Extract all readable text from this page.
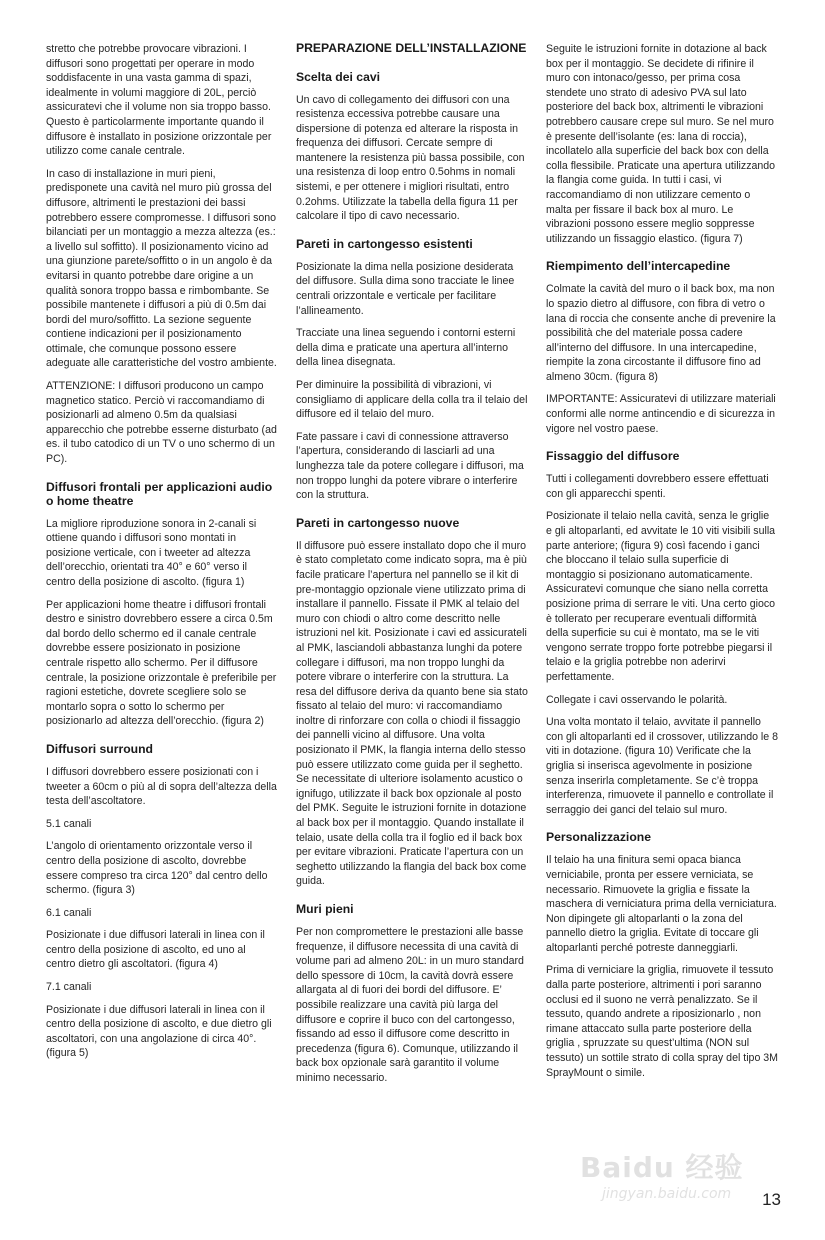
stretto che potrebbe provocare vibrazioni. I diffusori sono progettati per operare in modo soddisfacente in una vasta gamma di spazi, idealmente in volumi maggiore di 20L, perciò assicuratevi che il volume non sia troppo basso. Questo è particolarmente importante quando il diffusore è installato in posizione orizzontale per utilizzo come canale centrale.

In caso di installazione in muri pieni, predisponete una cavità nel muro più grossa del diffusore, altrimenti le prestazioni dei bassi potrebbero essere compromesse. I diffusori sono bilanciati per un montaggio a mezza altezza (es.: a livello sul soffitto). Il posizionamento vicino ad una giunzione parete/soffitto o in un angolo è da evitarsi in quanto potrebbe dare origine a un qualità sonora troppo bassa e rimbombante. Se possibile mantenete i diffusori a più di 0.5m dai bordi del muro/soffitto. La sezione seguente contiene indicazioni per il posizionamento ottimale, che comunque possono essere adeguate alle caratteristiche del vostro ambiente.

ATTENZIONE: I diffusori producono un campo magnetico statico. Perciò vi raccomandiamo di posizionarli ad almeno 0.5m da qualsiasi apparecchio che potrebbe esserne disturbato (ad es. il tubo catodico di un TV o uno schermo di un PC).

Diffusori frontali per applicazioni audio o home theatre

La migliore riproduzione sonora in 2-canali si ottiene quando i diffusori sono montati in posizione verticale, con i tweeter ad altezza dell’orecchio, orientati tra 40° e 60° verso il centro della posizione di ascolto. (figura 1)

Per applicazioni home theatre i diffusori frontali destro e sinistro dovrebbero essere a circa 0.5m dal bordo dello schermo ed il canale centrale dovrebbe essere posizionato in posizione centrale rispetto allo schermo. Per il diffusore centrale, la posizione orizzontale è preferibile per ragioni estetiche, dovrete scegliere solo se montarlo sopra o sotto lo schermo per posizionarlo ad altezza dell’orecchio. (figura 2)

Diffusori surround

I diffusori dovrebbero essere posizionati con i tweeter a 60cm o più al di sopra dell’altezza della testa dell’ascoltatore.

5.1 canali

L’angolo di orientamento orizzontale verso il centro della posizione di ascolto, dovrebbe essere compreso tra circa 120° dal centro dello schermo. (figura 3)

6.1 canali

Posizionate i due diffusori laterali in linea con il centro della posizione di ascolto, ed uno al centro dietro gli ascoltatori. (figura 4)

7.1 canali

Posizionate i due diffusori laterali in linea con il centro della posizione di ascolto, e due dietro gli ascoltatori, con una angolazione di circa 40°. (figura 5)

PREPARAZIONE DELL’INSTALLAZIONE
Scelta dei cavi

Un cavo di collegamento dei diffusori con una resistenza eccessiva potrebbe causare una dispersione di potenza ed alterare la risposta in frequenza dei diffusori. Cercate sempre di mantenere la resistenza più bassa possibile, con una resistenza di loop entro 0.5ohms in nomali sistemi, e per ottenere i migliori risultati, entro 0.2ohms. Utilizzate la tabella della figura 11 per calcolare il tipo di cavo necessario.

Pareti in cartongesso esistenti

Posizionate la dima nella posizione desiderata del diffusore. Sulla dima sono tracciate le linee centrali orizzontale e verticale per facilitare l’allineamento.

Tracciate una linea seguendo i contorni esterni della dima e praticate una apertura all’interno della linea disegnata.

Per diminuire la possibilità di vibrazioni, vi consigliamo di applicare della colla tra il telaio del diffusore ed il telaio del muro.

Fate passare i cavi di connessione attraverso l’apertura, considerando di lasciarli ad una lunghezza tale da potere collegare i diffusori, ma non troppo lunghi da potere vibrare o interferire con la struttura.

Pareti in cartongesso nuove

Il diffusore può essere installato dopo che il muro è stato completato come indicato sopra, ma è più facile praticare l’apertura nel pannello se il kit di pre-montaggio opzionale viene utilizzato prima di installare il pannello. Fissate il PMK al telaio del muro con chiodi o altro come descritto nelle istruzioni nel kit. Posizionate i cavi ed assicurateli al PMK, lasciandoli abbastanza lunghi da potere collegare i diffusori, ma non troppo lunghi da potere vibrare o interferire con la struttura. La resa del diffusore deriva da quanto bene sia stato fissato al telaio del muro: vi raccomandiamo inoltre di rinforzare con colla o chiodi il fissaggio dei pannelli vicino al diffusore. Una volta posizionato il PMK, la flangia interna dello stesso può essere utilizzato come guida per il seghetto. Se necessitate di ulteriore isolamento acustico o ignifugo, utilizzate il back box opzionale al posto del PMK. Seguite le istruzioni fornite in dotazione al back box per il montaggio. Quando installate il telaio, usate della colla tra il foglio ed il back box per evitare vibrazioni. Praticate l’apertura con un seghetto utilizzando la flangia del back box come guida.

Muri pieni

Per non compromettere le prestazioni alle basse frequenze, il diffusore necessita di una cavità di volume pari ad almeno 20L: in un muro standard dello spessore di 10cm, la cavità dovrà essere allargata al di fuori dei bordi del diffusore. E’ possibile realizzare una cavità più larga del diffusore e coprire il buco con del cartongesso, fissando ad esso il diffusore come descritto in precedenza (figura 6). Comunque, utilizzando il back box opzionale sarà garantito il volume minimo necessario.

Seguite le istruzioni fornite in dotazione al back box per il montaggio. Se decidete di rifinire il muro con intonaco/gesso, per prima cosa stendete uno strato di adesivo PVA sul lato posteriore del back box, altrimenti le vibrazioni potrebbero causare crepe sul muro. Se nel muro è presente dell’isolante (es: lana di roccia), incollatelo alla superficie del back box con della colla flessibile. Praticate una apertura utilizzando la flangia come guida. In tutti i casi, vi raccomandiamo di non utilizzare cemento o malta per fissare il back box al muro. Le vibrazioni possono essere meglio soppresse utilizzando un fissaggio elastico. (figura 7)

Riempimento dell’intercapedine

Colmate la cavità del muro o il back box, ma non lo spazio dietro al diffusore, con fibra di vetro o lana di roccia che consente anche di prevenire la possibilità che del materiale possa cadere all’interno del diffusore. In una intercapedine, riempite la zona circostante il diffusore fino ad almeno 30cm. (figura 8)

IMPORTANTE: Assicuratevi di utilizzare materiali conformi alle norme antincendio e di sicurezza in vigore nel vostro paese.

Fissaggio del diffusore

Tutti i collegamenti dovrebbero essere effettuati con gli apparecchi spenti.

Posizionate il telaio nella cavità, senza le griglie e gli altoparlanti, ed avvitate le 10 viti visibili sulla parte anteriore; (figura 9) così facendo i ganci che bloccano il telaio sulla superficie di montaggio si posizionano automaticamente. Assicuratevi comunque che siano nella corretta posizione prima di serrare le viti. Una certo gioco è tollerato per recuperare eventuali difformità della superficie su cui è montato, ma se le viti vengono serrate troppo forte potrebbe piegarsi il telaio e la griglia potrebbe non aderirvi perfettamente.

Collegate i cavi osservando le polarità.

Una volta montato il telaio, avvitate il pannello con gli altoparlanti ed il crossover, utilizzando le 8 viti in dotazione. (figura 10) Verificate che la griglia si inserisca agevolmente in posizione senza inserirla completamente. Se c’è troppa interferenza, rimuovete il pannello e controllate il serraggio dei ganci del telaio sul muro.

Personalizzazione

Il telaio ha una finitura semi opaca bianca verniciabile, pronta per essere verniciata, se necessario. Rimuovete la griglia e fissate la maschera di verniciatura prima della verniciatura. Non dipingete gli altoparlanti o la zona del pannello dietro la griglia. Evitate di toccare gli altoparlanti perché potreste danneggiarli.

Prima di verniciare la griglia, rimuovete il tessuto dalla parte posteriore, altrimenti i pori saranno occlusi ed il suono ne verrà penalizzato. Se il tessuto, quando andrete a riposizionarlo , non rimane attaccato sulla parte posteriore della griglia , spruzzate su quest’ultima (NON sul tessuto) un sottile strato di colla spray del tipo 3M SprayMount o simile.

13
Baidu 经验
jingyan.baidu.com
